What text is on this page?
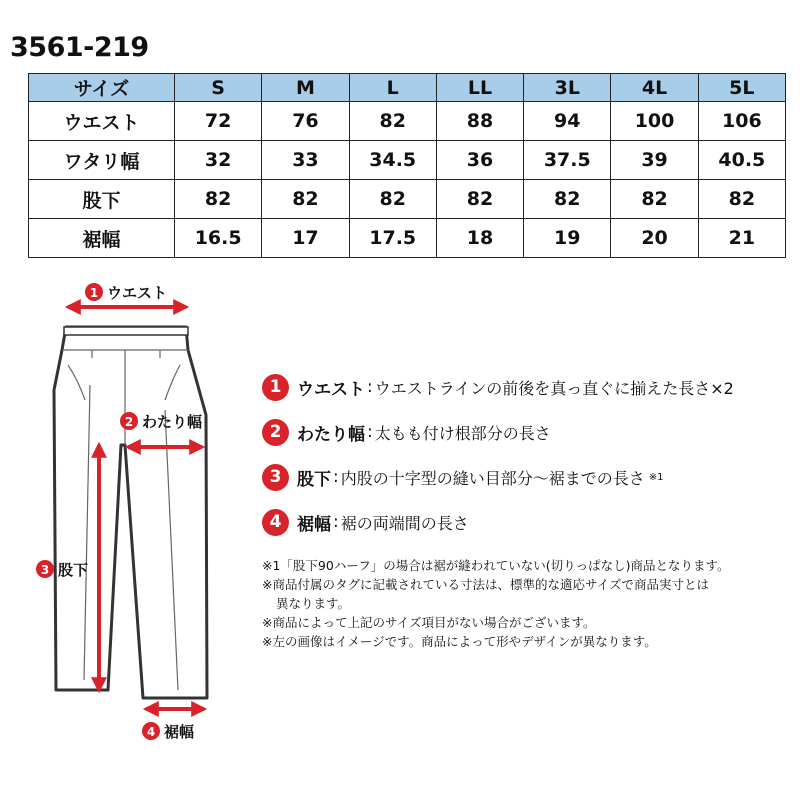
3561-219
サイズ	S	M	L	LL	3L	4L	5L
ウエスト	72	76	82	88	94	100	106
ワタリ幅	32	33	34.5	36	37.5	39	40.5
股下	82	82	82	82	82	82	82
裾幅	16.5	17	17.5	18	19	20	21
1 ウエスト
2 わたり幅
3 股下
4 裾幅
1 ウエスト : ウエストラインの前後を真っ直ぐに揃えた長さ×2
2 わたり幅 : 太もも付け根部分の長さ
3 股下 : 内股の十字型の縫い目部分〜裾までの長さ ※1
4 裾幅 : 裾の両端間の長さ

※1「股下90ハーフ」の場合は裾が縫われていない(切りっぱなし)商品となります。

※商品付属のタグに記載されている寸法は、標準的な適応サイズで商品実寸とは

異なります。

※商品によって上記のサイズ項目がない場合がございます。

※左の画像はイメージです。商品によって形やデザインが異なります。
